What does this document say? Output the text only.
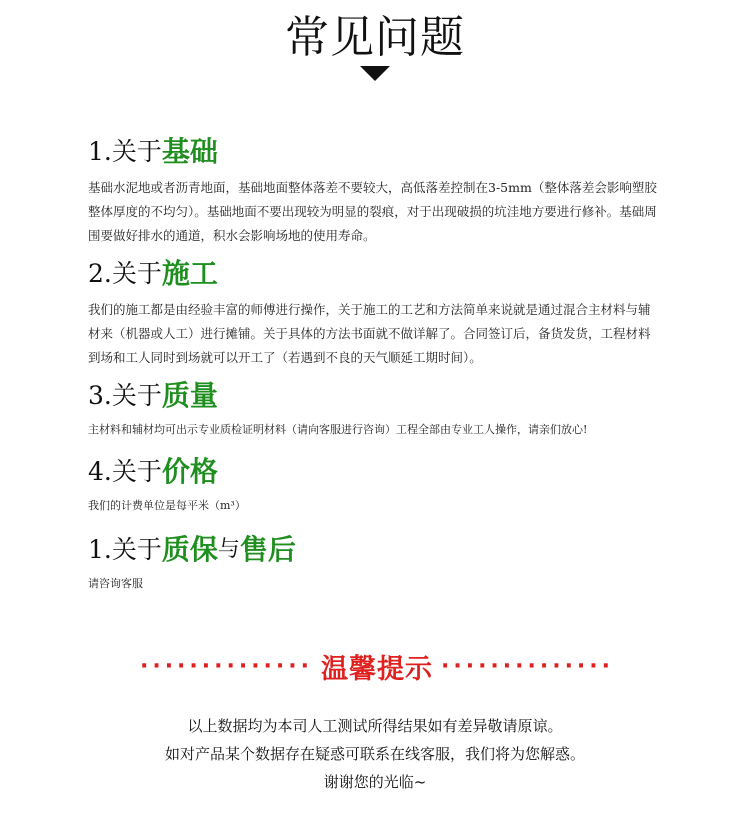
常见问题
1.关于基础
基础水泥地或者沥青地面，基础地面整体落差不要较大，高低落差控制在3-5mm（整体落差会影响塑胶整体厚度的不均匀）。基础地面不要出现较为明显的裂痕，对于出现破损的坑洼地方要进行修补。基础周围要做好排水的通道，积水会影响场地的使用寿命。
2.关于施工
我们的施工都是由经验丰富的师傅进行操作，关于施工的工艺和方法简单来说就是通过混合主材料与辅材来（机器或人工）进行摊铺。关于具体的方法书面就不做详解了。合同签订后，备货发货，工程材料到场和工人同时到场就可以开工了（若遇到不良的天气顺延工期时间）。
3.关于质量
主材料和辅材均可出示专业质检证明材料（请向客服进行咨询）工程全部由专业工人操作，请亲们放心!
4.关于价格
我们的计费单位是每平米（m³）
1.关于质保与售后
请咨询客服
·············· 温馨提示 ··············
以上数据均为本司人工测试所得结果如有差异敬请原谅。
如对产品某个数据存在疑惑可联系在线客服，我们将为您解惑。
谢谢您的光临~
